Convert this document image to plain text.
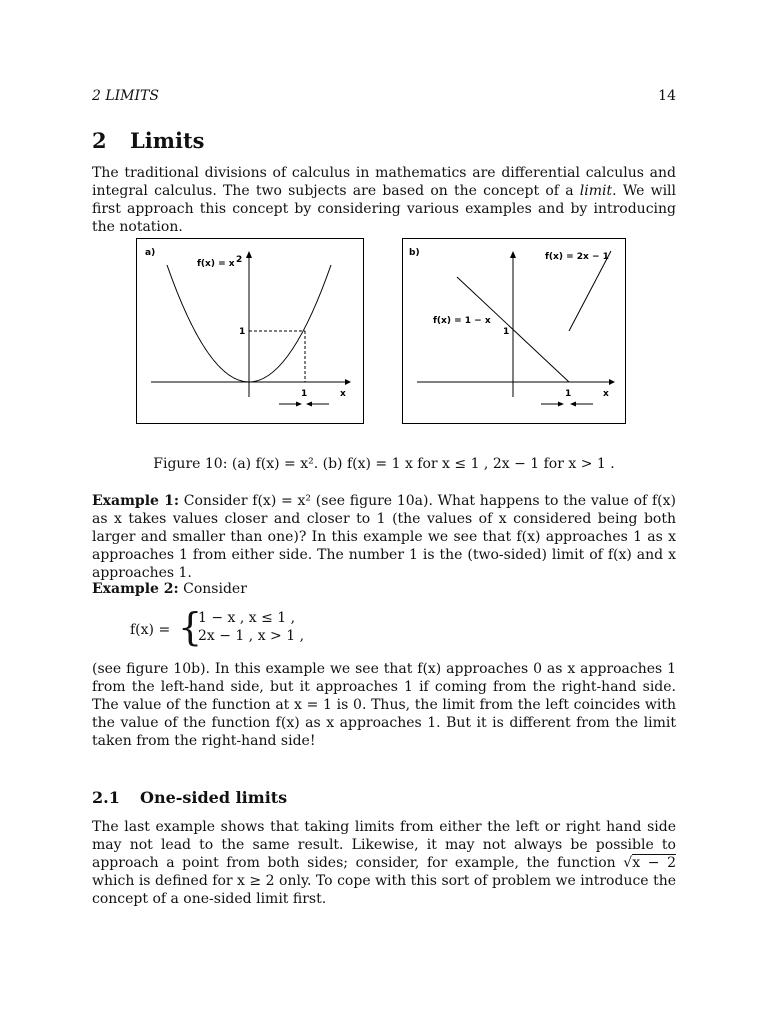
2 LIMITS	14
2 Limits

The traditional divisions of calculus in mathematics are differential calculus and integral calculus. The two subjects are based on the concept of a limit. We will first approach this concept by considering various examples and by introducing the notation.

a)
f(x) = x 2
1
1	x
b)	f(x) = 2x − 1
f(x) = 1 − x
1
1	x
Figure 10: (a) f(x) = x². (b) f(x) = 1 x for x ≤ 1 , 2x − 1 for x > 1 .

Example 1: Consider f(x) = x² (see figure 10a). What happens to the value of f(x) as x takes values closer and closer to 1 (the values of x considered being both larger and smaller than one)? In this example we see that f(x) approaches 1 as x approaches 1 from either side. The number 1 is the (two-sided) limit of f(x) and x approaches 1.

Example 2: Consider

f(x) = {
1 − x , x ≤ 1 ,
2x − 1 , x > 1 ,

(see figure 10b). In this example we see that f(x) approaches 0 as x approaches 1 from the left-hand side, but it approaches 1 if coming from the right-hand side. The value of the function at x = 1 is 0. Thus, the limit from the left coincides with the value of the function f(x) as x approaches 1. But it is different from the limit taken from the right-hand side!

2.1 One-sided limits

The last example shows that taking limits from either the left or right hand side may not lead to the same result. Likewise, it may not always be possible to approach a point from both sides; consider, for example, the function √x − 2 which is defined for x ≥ 2 only. To cope with this sort of problem we introduce the concept of a one-sided limit first.
